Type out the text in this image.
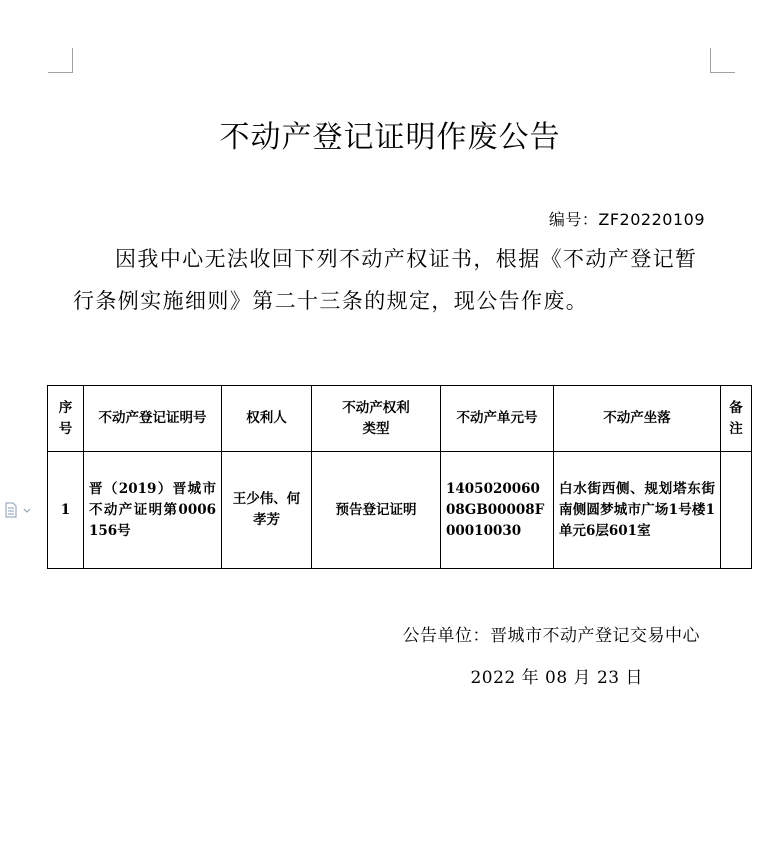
不动产登记证明作废公告
编号：ZF20220109
因我中心无法收回下列不动产权证书，根据《不动产登记暂行条例实施细则》第二十三条的规定，现公告作废。
序号	不动产登记证明号	权利人	不动产权利类型	不动产单元号	不动产坐落	备注
1	晋（2019）晋城市不动产证明第0006156号	王少伟、何孝芳	预告登记证明	140502006008GB00008F00010030	白水街西侧、规划塔东街南侧圆梦城市广场1号楼1单元6层601室	
公告单位：晋城市不动产登记交易中心
2022 年 08 月 23 日
